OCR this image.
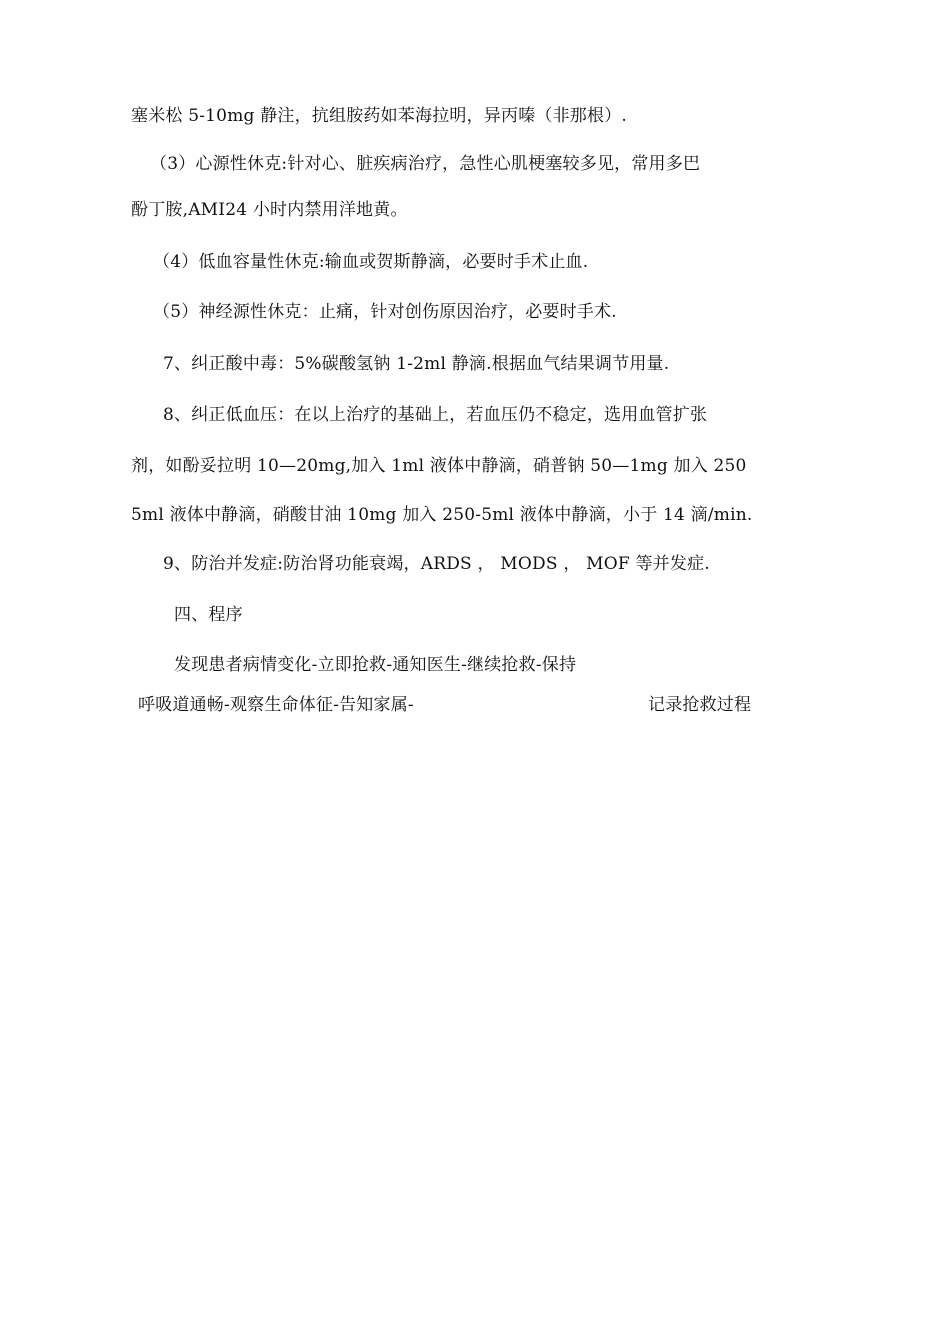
塞米松 5-10mg 静注，抗组胺药如苯海拉明，异丙嗪（非那根）.
（3）心源性休克:针对心、脏疾病治疗，急性心肌梗塞较多见，常用多巴
酚丁胺,AMI24 小时内禁用洋地黄。
（4）低血容量性休克:输血或贺斯静滴，必要时手术止血.
（5）神经源性休克：止痛，针对创伤原因治疗，必要时手术.
7、纠正酸中毒：5%碳酸氢钠 1-2ml 静滴.根据血气结果调节用量.
8、纠正低血压：在以上治疗的基础上，若血压仍不稳定，选用血管扩张
剂，如酚妥拉明 10—20mg,加入 1ml 液体中静滴，硝普钠 50—1mg 加入 250
5ml 液体中静滴，硝酸甘油 10mg 加入 250-5ml 液体中静滴，小于 14 滴/min.
9、防治并发症:防治肾功能衰竭，ARDS ， MODS ， MOF 等并发症.
四、程序
发现患者病情变化-立即抢救-通知医生-继续抢救-保持
呼吸道通畅-观察生命体征-告知家属-	记录抢救过程
